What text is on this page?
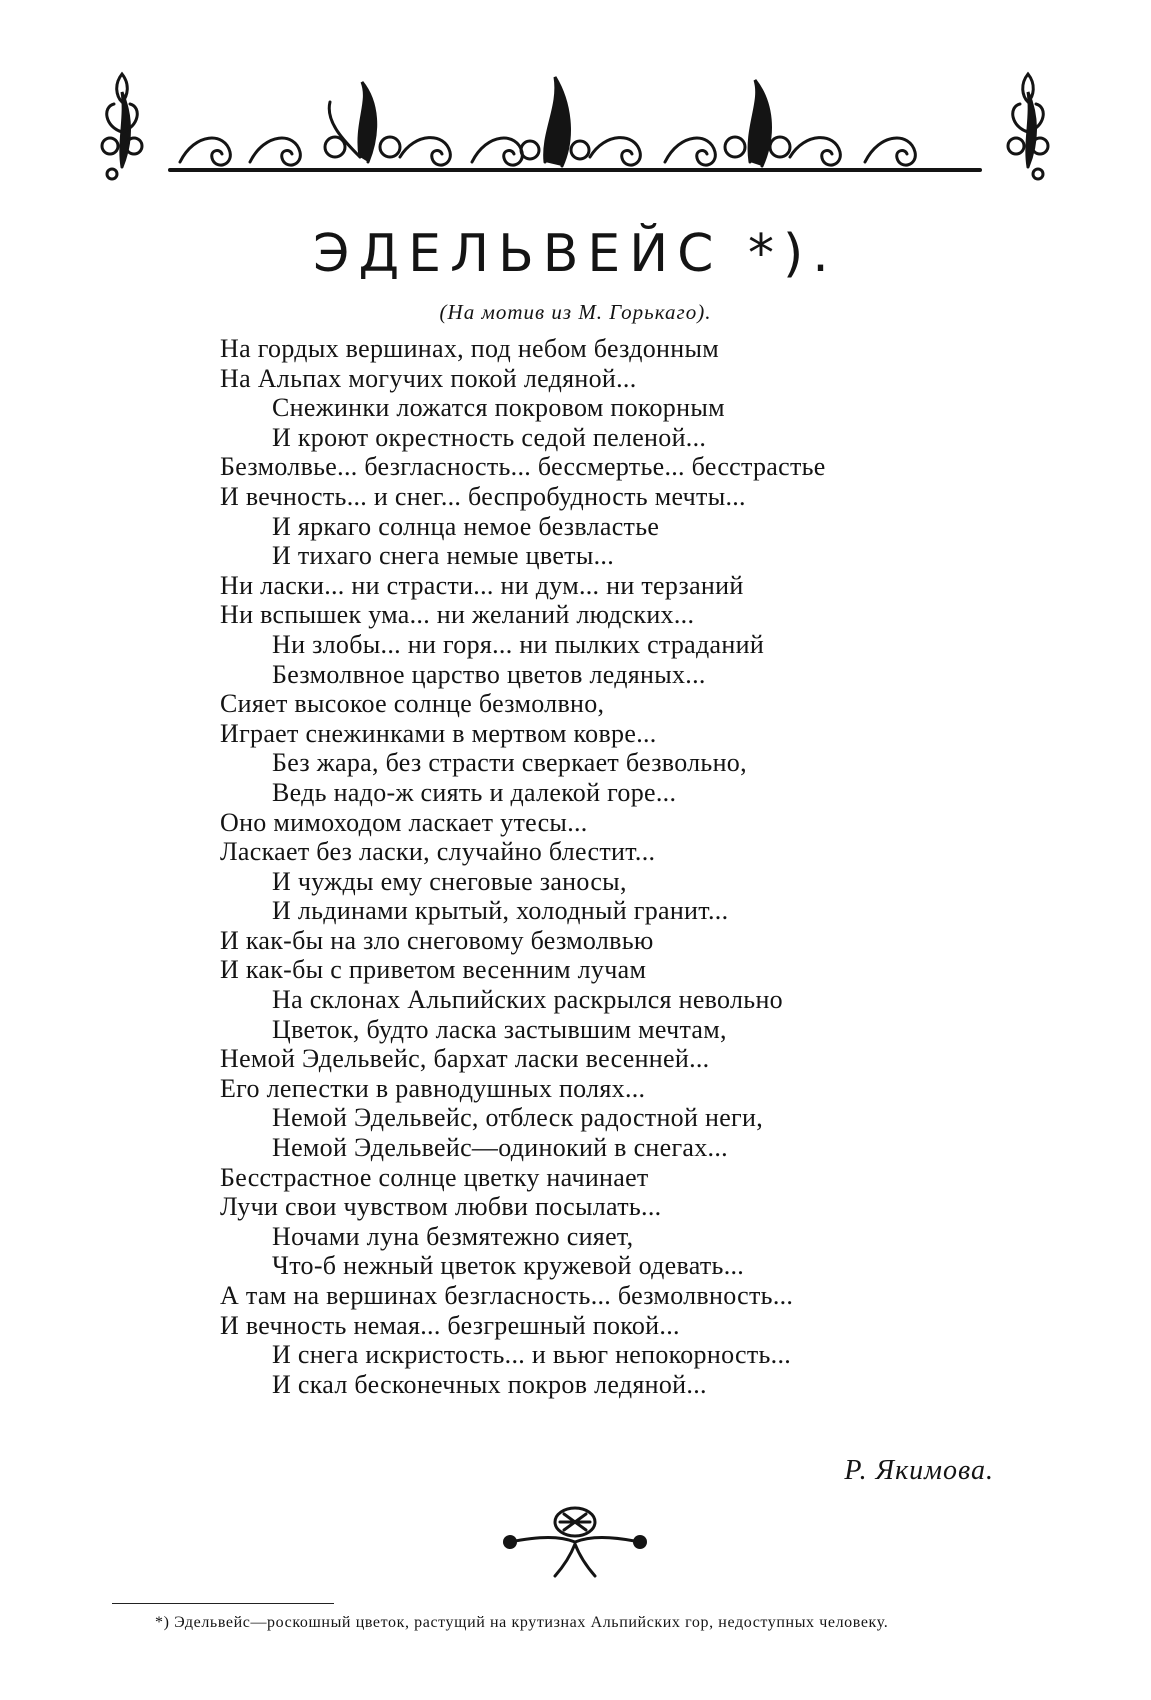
ЭДЕЛЬВЕЙС *).
(На мотив из М. Горькаго).
На гордых вершинах, под небом бездонным
На Альпах могучих покой ледяной...
Снежинки ложатся покровом покорным
И кроют окрестность седой пеленой...
Безмолвье... безгласность... бессмертье... бесстрастье
И вечность... и снег... беспробудность мечты...
И яркаго солнца немое безвластье
И тихаго снега немые цветы...
Ни ласки... ни страсти... ни дум... ни терзаний
Ни вспышек ума... ни желаний людских...
Ни злобы... ни горя... ни пылких страданий
Безмолвное царство цветов ледяных...
Сияет высокое солнце безмолвно,
Играет снежинками в мертвом ковре...
Без жара, без страсти сверкает безвольно,
Ведь надо-ж сиять и далекой горе...
Оно мимоходом ласкает утесы...
Ласкает без ласки, случайно блестит...
И чужды ему снеговые заносы,
И льдинами крытый, холодный гранит...
И как-бы на зло снеговому безмолвью
И как-бы с приветом весенним лучам
На склонах Альпийских раскрылся невольно
Цветок, будто ласка застывшим мечтам,
Немой Эдельвейс, бархат ласки весенней...
Его лепестки в равнодушных полях...
Немой Эдельвейс, отблеск радостной неги,
Немой Эдельвейс—одинокий в снегах...
Бесстрастное солнце цветку начинает
Лучи свои чувством любви посылать...
Ночами луна безмятежно сияет,
Что-б нежный цветок кружевой одевать...
А там на вершинах безгласность... безмолвность...
И вечность немая... безгрешный покой...
И снега искристость... и вьюг непокорность...
И скал бесконечных покров ледяной...
Р. Якимова.
*) Эдельвейс—роскошный цветок, растущий на крутизнах Альпийских гор, недоступных человеку.
